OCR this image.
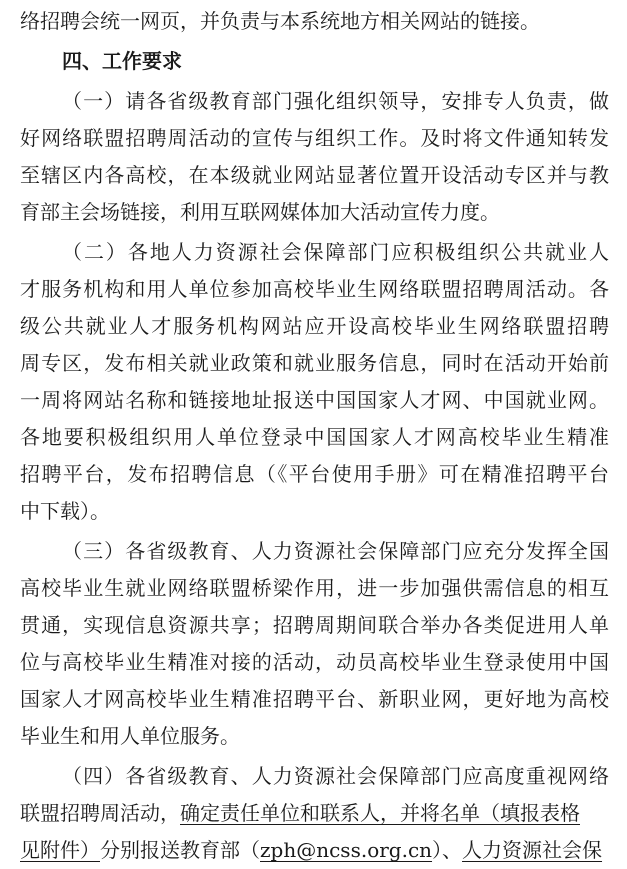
络招聘会统一网页，并负责与本系统地方相关网站的链接。
四、工作要求
（一）请各省级教育部门强化组织领导，安排专人负责，做
好网络联盟招聘周活动的宣传与组织工作。及时将文件通知转发
至辖区内各高校，在本级就业网站显著位置开设活动专区并与教
育部主会场链接，利用互联网媒体加大活动宣传力度。
（二）各地人力资源社会保障部门应积极组织公共就业人
才服务机构和用人单位参加高校毕业生网络联盟招聘周活动。各
级公共就业人才服务机构网站应开设高校毕业生网络联盟招聘
周专区，发布相关就业政策和就业服务信息，同时在活动开始前
一周将网站名称和链接地址报送中国国家人才网、中国就业网。
各地要积极组织用人单位登录中国国家人才网高校毕业生精准
招聘平台，发布招聘信息（《平台使用手册》可在精准招聘平台
中下载）。
（三）各省级教育、人力资源社会保障部门应充分发挥全国
高校毕业生就业网络联盟桥梁作用，进一步加强供需信息的相互
贯通，实现信息资源共享；招聘周期间联合举办各类促进用人单
位与高校毕业生精准对接的活动，动员高校毕业生登录使用中国
国家人才网高校毕业生精准招聘平台、新职业网，更好地为高校
毕业生和用人单位服务。
（四）各省级教育、人力资源社会保障部门应高度重视网络
联盟招聘周活动，确定责任单位和联系人，并将名单（填报表格
见附件）分别报送教育部（zph@ncss.org.cn）、人力资源社会保
